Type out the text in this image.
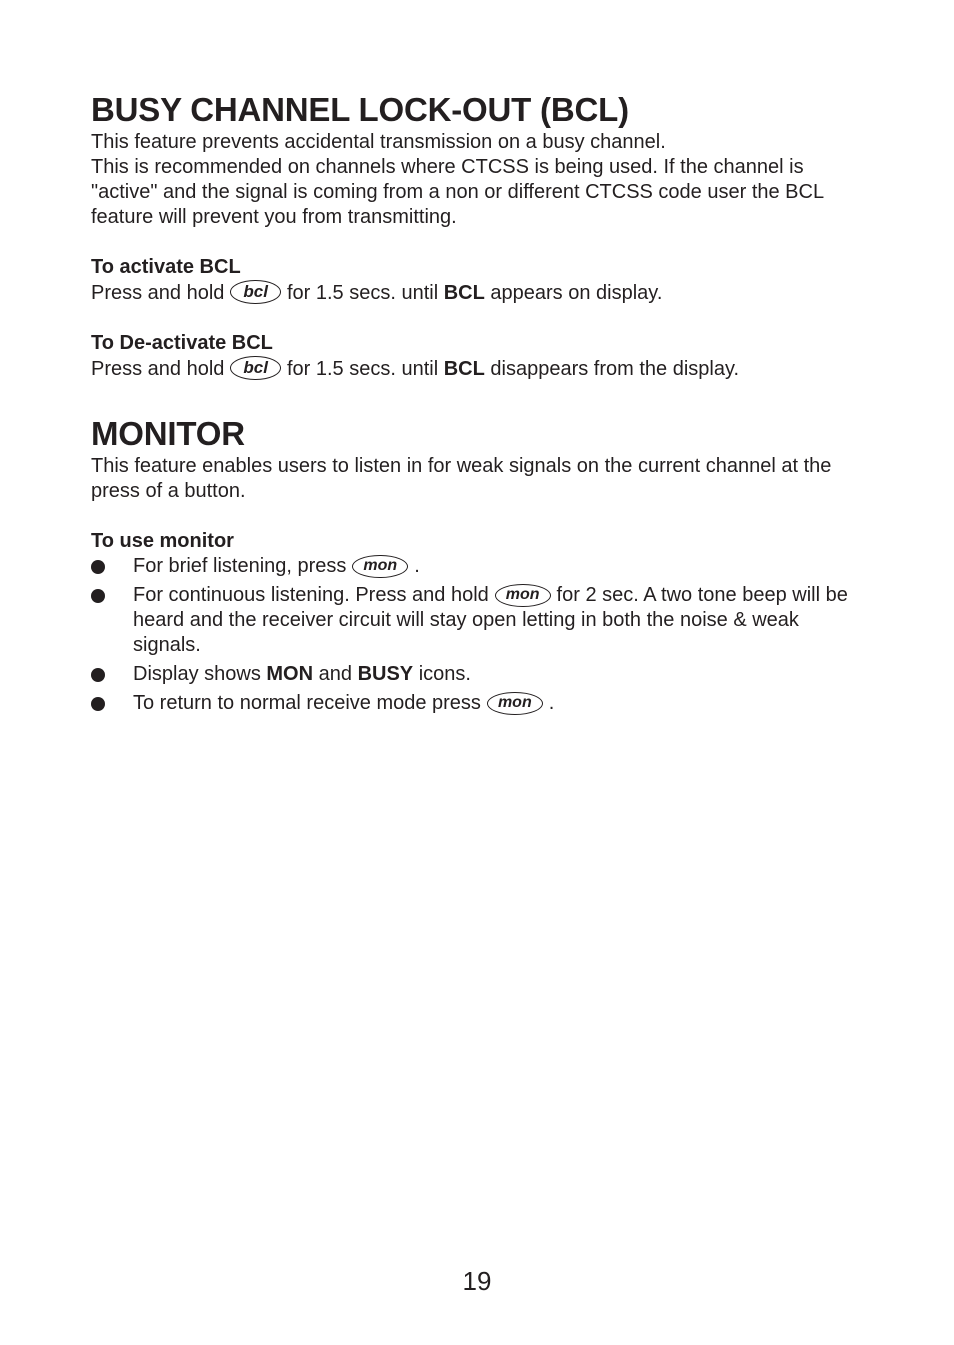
BUSY CHANNEL LOCK-OUT (BCL)

This feature prevents accidental transmission on a busy channel.

This is recommended on channels where CTCSS is being used. If the channel is "active" and the signal is coming from a non or different CTCSS code user the BCL feature will prevent you from transmitting.

To activate BCL

Press and hold bcl for 1.5 secs. until BCL appears on display.

To De-activate BCL

Press and hold bcl for 1.5 secs. until BCL disappears from the display.

MONITOR

This feature enables users to listen in for weak signals on the current channel at the press of a button.

To use monitor

For brief listening, press mon .
For continuous listening. Press and hold mon for 2 sec. A two tone beep will be heard and the receiver circuit will stay open letting in both the noise & weak signals.
Display shows MON and BUSY icons.
To return to normal receive mode press mon .
19
